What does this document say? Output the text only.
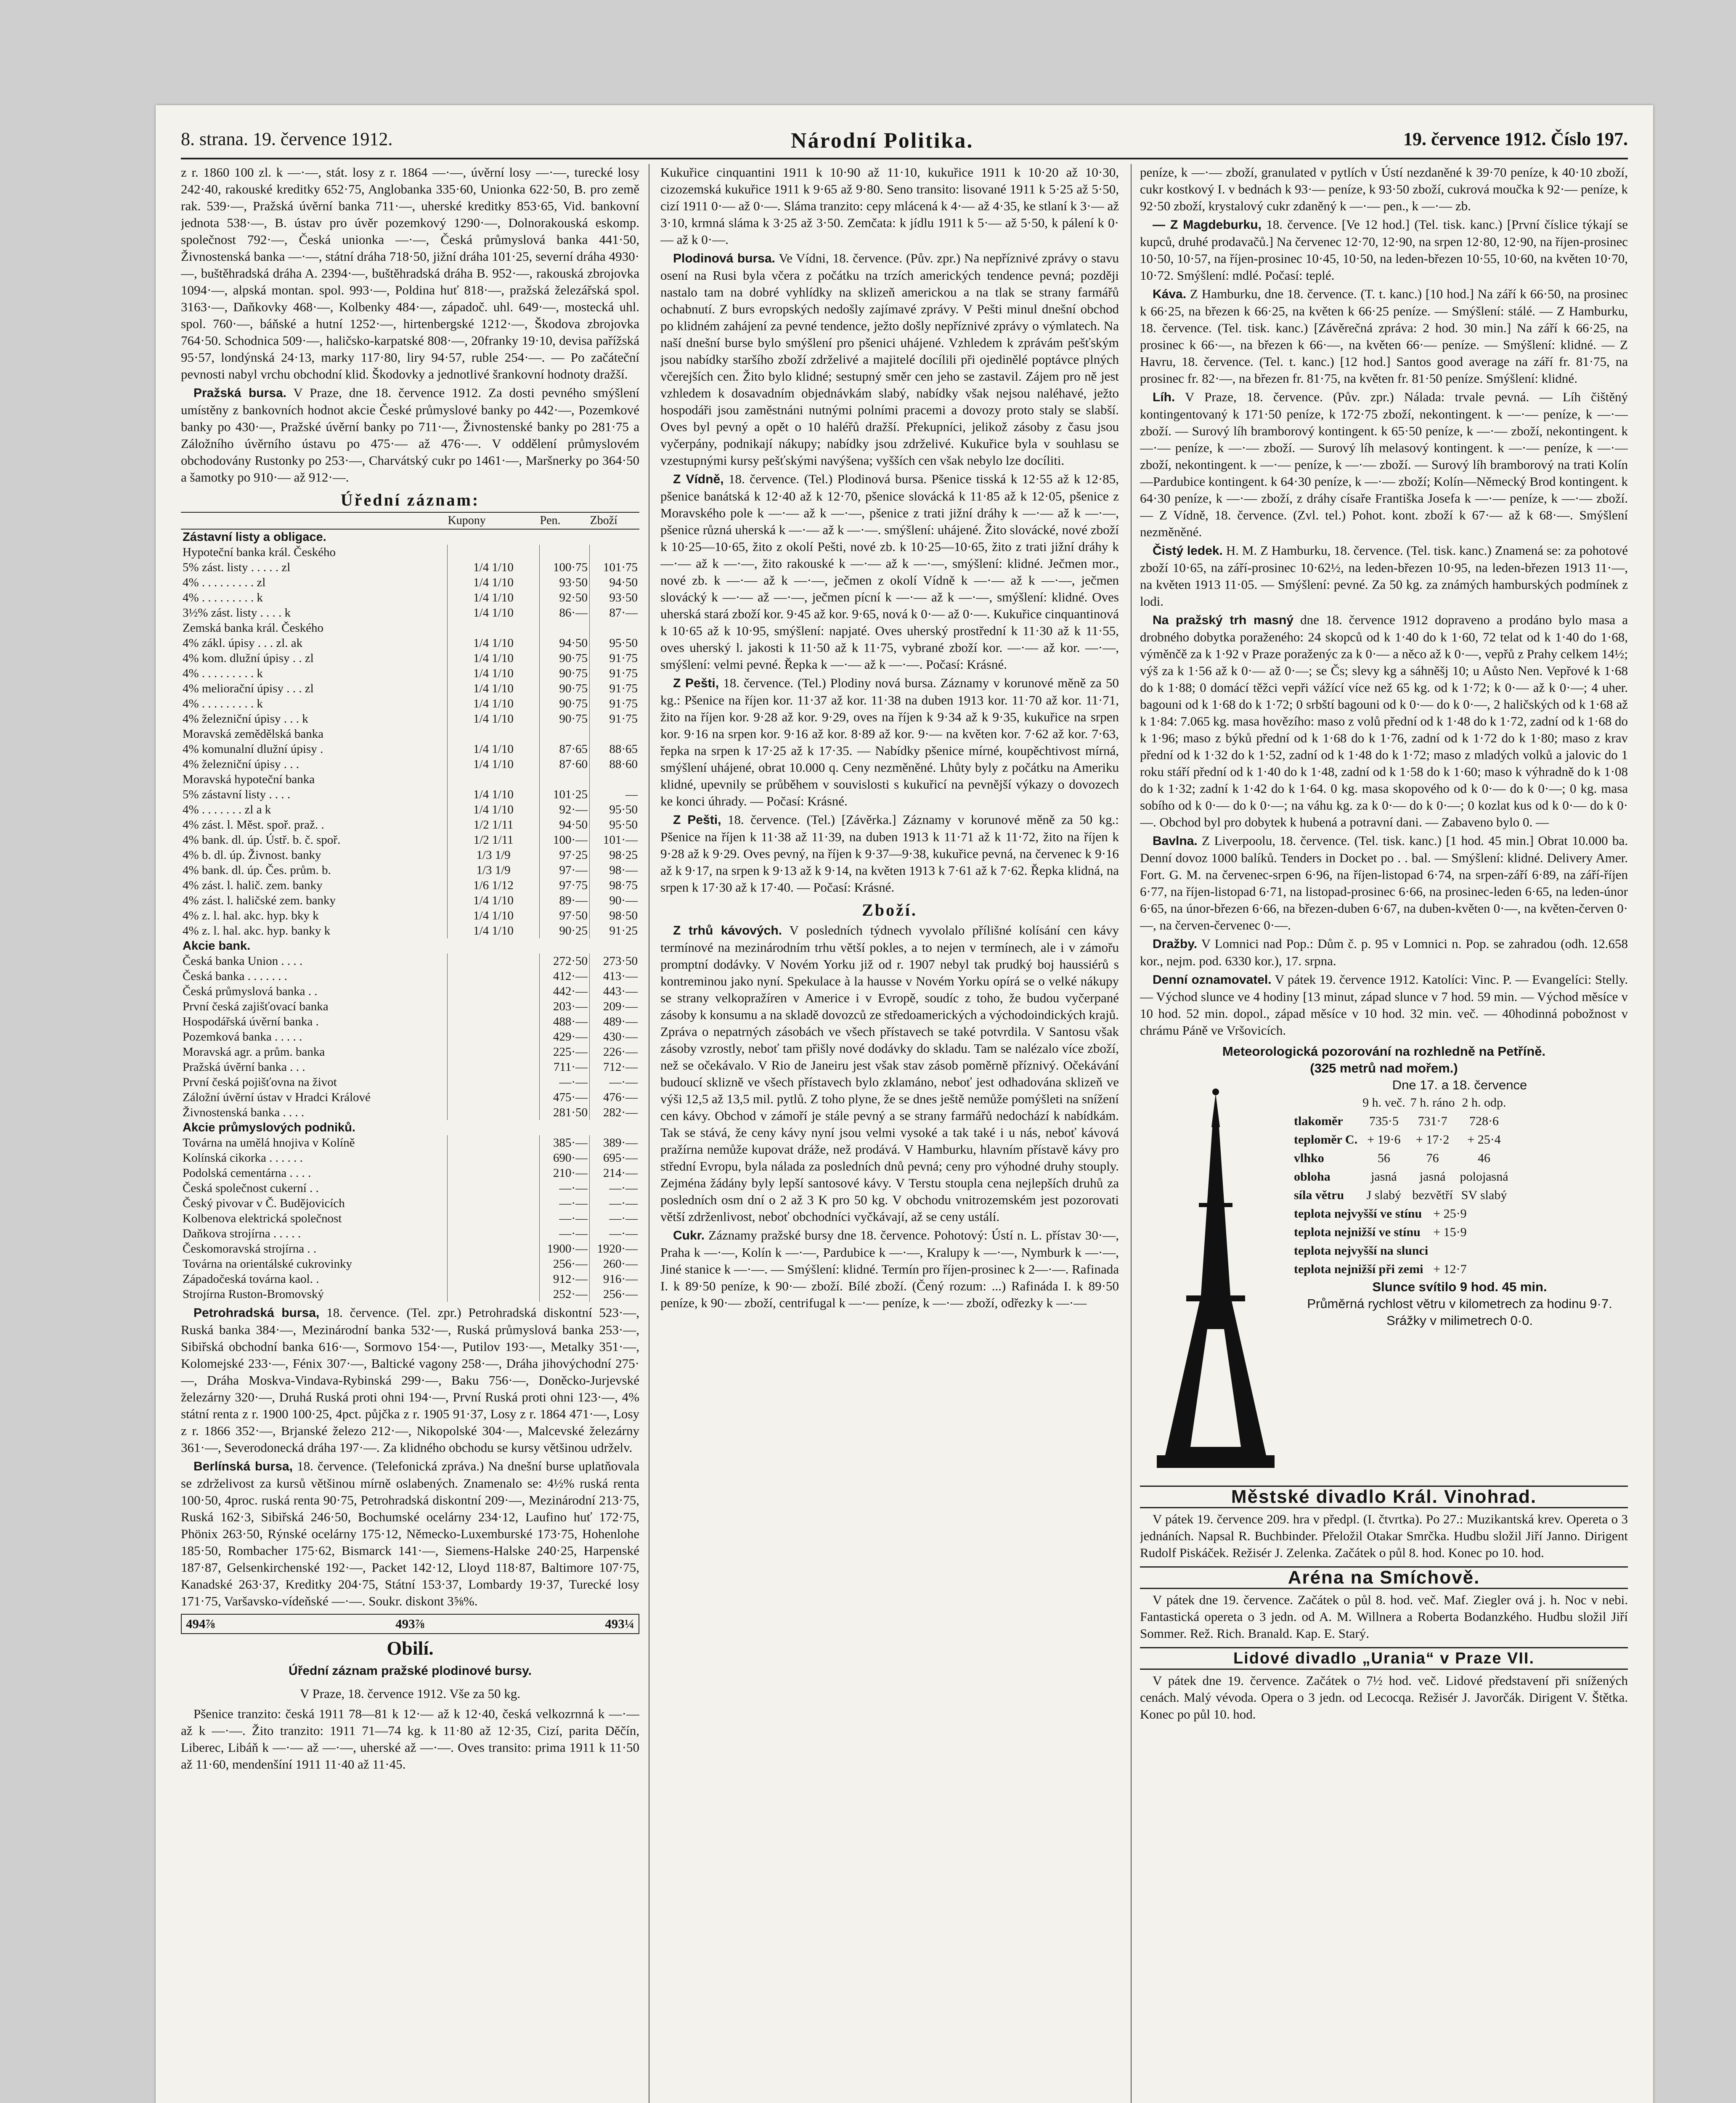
8. strana. 19. července 1912.	Národní Politika.	19. července 1912. Číslo 197.

z r. 1860 100 zl. k —·—, stát. losy z r. 1864 —·—, úvěrní losy —·—, turecké losy 242·40, rakouské kreditky 652·75, Anglobanka 335·60, Unionka 622·50, B. pro země rak. 539·—, Pražská úvěrní banka 711·—, uherské kreditky 853·65, Vid. bankovní jednota 538·—, B. ústav pro úvěr pozemkový 1290·—, Dolnorakouská eskomp. společnost 792·—, Česká unionka —·—, Česká průmyslová banka 441·50, Živnostenská banka —·—, státní dráha 718·50, jižní dráha 101·25, severní dráha 4930·—, buštěhradská dráha A. 2394·—, buštěhradská dráha B. 952·—, rakouská zbrojovka 1094·—, alpská montan. spol. 993·—, Poldina huť 818·—, pražská železářská spol. 3163·—, Daňkovky 468·—, Kolbenky 484·—, západoč. uhl. 649·—, mostecká uhl. spol. 760·—, báňské a hutní 1252·—, hirtenbergské 1212·—, Škodova zbrojovka 764·50. Schodnica 509·—, haličsko-karpatské 808·—, 20franky 19·10, devisa pařížská 95·57, londýnská 24·13, marky 117·80, liry 94·57, ruble 254·—. — Po začáteční pevnosti nabyl vrchu obchodní klid. Škodovky a jednotlivé šrankovní hodnoty dražší.

Pražská bursa. V Praze, dne 18. července 1912. Za dosti pevného smýšlení umístěny z bankovních hodnot akcie České průmyslové banky po 442·—, Pozemkové banky po 430·—, Pražské úvěrní banky po 711·—, Živnostenské banky po 281·75 a Záložního úvěrního ústavu po 475·— až 476·—. V oddělení průmyslovém obchodovány Rustonky po 253·—, Charvátský cukr po 1461·—, Maršnerky po 364·50 a šamotky po 910·— až 912·—.

Úřední záznam:

	Kupony	Pen.	Zboží
Zástavní listy a obligace.			
Hypoteční banka král. Českého			
5% zást. listy . . . . . zl	1/4 1/10	100·75	101·75
4% . . . . . . . . . zl	1/4 1/10	93·50	94·50
4% . . . . . . . . . k	1/4 1/10	92·50	93·50
3½% zást. listy . . . . k	1/4 1/10	86·—	87·—
Zemská banka král. Českého			
4% zákl. úpisy . . . zl. ak	1/4 1/10	94·50	95·50
4% kom. dlužní úpisy . . zl	1/4 1/10	90·75	91·75
4% . . . . . . . . . k	1/4 1/10	90·75	91·75
4% meliorační úpisy . . . zl	1/4 1/10	90·75	91·75
4% . . . . . . . . . k	1/4 1/10	90·75	91·75
4% železniční úpisy . . . k	1/4 1/10	90·75	91·75
Moravská zemědělská banka			
4% komunalní dlužní úpisy .	1/4 1/10	87·65	88·65
4% železniční úpisy . . .	1/4 1/10	87·60	88·60
Moravská hypoteční banka			
5% zástavní listy . . . .	1/4 1/10	101·25	—
4% . . . . . . . zl a k	1/4 1/10	92·—	95·50
4% zást. l. Měst. spoř. praž. .	1/2 1/11	94·50	95·50
4% bank. dl. úp. Ústř. b. č. spoř.	1/2 1/11	100·—	101·—
4% b. dl. úp. Živnost. banky	1/3 1/9	97·25	98·25
4% bank. dl. úp. Čes. prům. b.	1/3 1/9	97·—	98·—
4% zást. l. halič. zem. banky	1/6 1/12	97·75	98·75
4% zást. l. haličské zem. banky	1/4 1/10	89·—	90·—
4% z. l. hal. akc. hyp. bky k	1/4 1/10	97·50	98·50
4% z. l. hal. akc. hyp. banky k	1/4 1/10	90·25	91·25
Akcie bank.			
Česká banka Union . . . .		272·50	273·50
Česká banka . . . . . . .		412·—	413·—
Česká průmyslová banka . .		442·—	443·—
První česká zajišťovací banka		203·—	209·—
Hospodářská úvěrní banka .		488·—	489·—
Pozemková banka . . . . .		429·—	430·—
Moravská agr. a prům. banka		225·—	226·—
Pražská úvěrní banka . . .		711·—	712·—
První česká pojišťovna na život		—·—	—·—
Záložní úvěrní ústav v Hradci Králové		475·—	476·—
Živnostenská banka . . . .		281·50	282·—
Akcie průmyslových podniků.			
Továrna na umělá hnojiva v Kolíně		385·—	389·—
Kolínská cikorka . . . . . .		690·—	695·—
Podolská cementárna . . . .		210·—	214·—
Česká společnost cukerní . .		—·—	—·—
Český pivovar v Č. Budějovicích		—·—	—·—
Kolbenova elektrická společnost		—·—	—·—
Daňkova strojírna . . . . .		—·—	—·—
Českomoravská strojírna . .		1900·—	1920·—
Továrna na orientálské cukrovinky		256·—	260·—
Západočeská továrna kaol. .		912·—	916·—
Strojírna Ruston-Bromovský		252·—	256·—

Petrohradská bursa, 18. července. (Tel. zpr.) Petrohradská diskontní 523·—, Ruská banka 384·—, Mezinárodní banka 532·—, Ruská průmyslová banka 253·—, Sibiřská obchodní banka 616·—, Sormovo 154·—, Putilov 193·—, Metalky 351·—, Kolomejské 233·—, Fénix 307·—, Baltické vagony 258·—, Dráha jihovýchodní 275·—, Dráha Moskva-Vindava-Rybinská 299·—, Baku 756·—, Doněcko-Jurjevské železárny 320·—, Druhá Ruská proti ohni 194·—, První Ruská proti ohni 123·—, 4% státní renta z r. 1900 100·25, 4pct. půjčka z r. 1905 91·37, Losy z r. 1864 471·—, Losy z r. 1866 352·—, Brjanské železo 212·—, Nikopolské 304·—, Malcevské železárny 361·—, Severodonecká dráha 197·—. Za klidného obchodu se kursy většinou udrželv.

Berlínská bursa, 18. července. (Telefonická zpráva.) Na dnešní burse uplatňovala se zdrželivost za kursů většinou mírně oslabených. Znamenalo se: 4½% ruská renta 100·50, 4proc. ruská renta 90·75, Petrohradská diskontní 209·—, Mezinárodní 213·75, Ruská 162·3, Sibiřská 246·50, Bochumské ocelárny 234·12, Laufino huť 172·75, Phönix 263·50, Rýnské ocelárny 175·12, Německo-Luxemburské 173·75, Hohenlohe 185·50, Rombacher 175·62, Bismarck 141·—, Siemens-Halske 240·25, Harpenské 187·87, Gelsenkirchenské 192·—, Packet 142·12, Lloyd 118·87, Baltimore 107·75, Kanadské 263·37, Kreditky 204·75, Státní 153·37, Lombardy 19·37, Turecké losy 171·75, Varšavsko-vídeňské —·—. Soukr. diskont 3⅝%.

494⅞	493⅞	493¼

Obilí.

Úřední záznam pražské plodinové bursy.

V Praze, 18. července 1912. Vše za 50 kg.

Pšenice tranzito: česká 1911 78—81 k 12·— až k 12·40, česká velkozrnná k —·— až k —·—. Žito tranzito: 1911 71—74 kg. k 11·80 až 12·35, Cizí, parita Děčín, Liberec, Libáň k —·— až —·—, uherské až —·—. Oves transito: prima 1911 k 11·50 až 11·60, mendenšíní 1911 11·40 až 11·45.

Kukuřice cinquantini 1911 k 10·90 až 11·10, kukuřice 1911 k 10·20 až 10·30, cizozemská kukuřice 1911 k 9·65 až 9·80. Seno transito: lisované 1911 k 5·25 až 5·50, cizí 1911 0·— až 0·—. Sláma tranzito: cepy mlácená k 4·— až 4·35, ke stlaní k 3·— až 3·10, krmná sláma k 3·25 až 3·50. Zemčata: k jídlu 1911 k 5·— až 5·50, k pálení k 0·— až k 0·—.

Plodinová bursa. Ve Vídni, 18. července. (Pův. zpr.) Na nepříznivé zprávy o stavu osení na Rusi byla včera z počátku na trzích amerických tendence pevná; později nastalo tam na dobré vyhlídky na sklizeň americkou a na tlak se strany farmářů ochabnutí. Z burs evropských nedošly zajímavé zprávy. V Pešti minul dnešní obchod po klidném zahájení za pevné tendence, ježto došly nepříznivé zprávy o výmlatech. Na naší dnešní burse bylo smýšlení pro pšenici uhájené. Vzhledem k zprávám pešťským jsou nabídky staršího zboží zdrželivé a majitelé docílili při ojedinělé poptávce plných včerejších cen. Žito bylo klidné; sestupný směr cen jeho se zastavil. Zájem pro ně jest vzhledem k dosavadním objednávkám slabý, nabídky však nejsou naléhavé, ježto hospodáři jsou zaměstnáni nutnými polními pracemi a dovozy proto staly se slabší. Oves byl pevný a opět o 10 haléřů dražší. Překupníci, jelikož zásoby z času jsou vyčerpány, podnikají nákupy; nabídky jsou zdrželivé. Kukuřice byla v souhlasu se vzestupnými kursy pešťskými navýšena; vyšších cen však nebylo lze docíliti.

Z Vídně, 18. července. (Tel.) Plodinová bursa. Pšenice tisská k 12·55 až k 12·85, pšenice banátská k 12·40 až k 12·70, pšenice slovácká k 11·85 až k 12·05, pšenice z Moravského pole k —·— až k —·—, pšenice z trati jižní dráhy k —·— až k —·—, pšenice různá uherská k —·— až k —·—. smýšlení: uhájené. Žito slovácké, nové zboží k 10·25—10·65, žito z okolí Pešti, nové zb. k 10·25—10·65, žito z trati jižní dráhy k —·— až k —·—, žito rakouské k —·— až k —·—, smýšlení: klidné. Ječmen mor., nové zb. k —·— až k —·—, ječmen z okolí Vídně k —·— až k —·—, ječmen slovácký k —·— až —·—, ječmen pícní k —·— až k —·—, smýšlení: klidné. Oves uherská stará zboží kor. 9·45 až kor. 9·65, nová k 0·— až 0·—. Kukuřice cinquantinová k 10·65 až k 10·95, smýšlení: napjaté. Oves uherský prostřední k 11·30 až k 11·55, oves uherský l. jakosti k 11·50 až k 11·75, vybrané zboží kor. —·— až kor. —·—, smýšlení: velmi pevné. Řepka k —·— až k —·—. Počasí: Krásné.

Z Pešti, 18. července. (Tel.) Plodiny nová bursa. Záznamy v korunové měně za 50 kg.: Pšenice na říjen kor. 11·37 až kor. 11·38 na duben 1913 kor. 11·70 až kor. 11·71, žito na říjen kor. 9·28 až kor. 9·29, oves na říjen k 9·34 až k 9·35, kukuřice na srpen kor. 9·16 na srpen kor. 9·16 až kor. 8·89 až kor. 9·— na květen kor. 7·62 až kor. 7·63, řepka na srpen k 17·25 až k 17·35. — Nabídky pšenice mírné, koupěchtivost mírná, smýšlení uhájené, obrat 10.000 q. Ceny nezměněné. Lhůty byly z počátku na Ameriku klidné, upevnily se průběhem v souvislosti s kukuřicí na pevnější výkazy o dovozech ke konci úhrady. — Počasí: Krásné.

Z Pešti, 18. července. (Tel.) [Závěrka.] Záznamy v korunové měně za 50 kg.: Pšenice na říjen k 11·38 až 11·39, na duben 1913 k 11·71 až k 11·72, žito na říjen k 9·28 až k 9·29. Oves pevný, na říjen k 9·37—9·38, kukuřice pevná, na červenec k 9·16 až k 9·17, na srpen k 9·13 až k 9·14, na květen 1913 k 7·61 až k 7·62. Řepka klidná, na srpen k 17·30 až k 17·40. — Počasí: Krásné.

Zboží.

Z trhů kávových. V posledních týdnech vyvolalo přílišné kolísání cen kávy termínové na mezinárodním trhu větší pokles, a to nejen v termínech, ale i v zámořu promptní dodávky. V Novém Yorku již od r. 1907 nebyl tak prudký boj haussiérů s kontreminou jako nyní. Spekulace à la hausse v Novém Yorku opírá se o velké nákupy se strany velkopražíren v Americe i v Evropě, soudíc z toho, že budou vyčerpané zásoby k konsumu a na skladě dovozců ze středoamerických a východoindických krajů. Zpráva o nepatrných zásobách ve všech přístavech se také potvrdila. V Santosu však zásoby vzrostly, neboť tam přišly nové dodávky do skladu. Tam se nalézalo více zboží, než se očekávalo. V Rio de Janeiru jest však stav zásob poměrně příznivý. Očekávání budoucí sklizně ve všech přístavech bylo zklamáno, neboť jest odhadována sklizeň ve výši 12,5 až 13,5 mil. pytlů. Z toho plyne, že se dnes ještě nemůže pomýšleti na snížení cen kávy. Obchod v zámoří je stále pevný a se strany farmářů nedochází k nabídkám. Tak se stává, že ceny kávy nyní jsou velmi vysoké a tak také i u nás, neboť kávová pražírna nemůže kupovat dráže, než prodává. V Hamburku, hlavním přístavě kávy pro střední Evropu, byla nálada za posledních dnů pevná; ceny pro výhodné druhy stouply. Zejména žádány byly lepší santosové kávy. V Terstu stoupla cena nejlepších druhů za posledních osm dní o 2 až 3 K pro 50 kg. V obchodu vnitrozemském jest pozorovati větší zdrženlivost, neboť obchodníci vyčkávají, až se ceny ustálí.

Cukr. Záznamy pražské bursy dne 18. července. Pohotový: Ústí n. L. přístav 30·—, Praha k —·—, Kolín k —·—, Pardubice k —·—, Kralupy k —·—, Nymburk k —·—, Jiné stanice k —·—. — Smýšlení: klidné. Termín pro říjen-prosinec k 2—·—. Rafinada I. k 89·50 peníze, k 90·— zboží. Bílé zboží. (Čený rozum: ...) Rafináda I. k 89·50 peníze, k 90·— zboží, centrifugal k —·— peníze, k —·— zboží, odřezky k —·—

peníze, k —·— zboží, granulated v pytlích v Ústí nezdaněné k 39·70 peníze, k 40·10 zboží, cukr kostkový I. v bednách k 93·— peníze, k 93·50 zboží, cukrová moučka k 92·— peníze, k 92·50 zboží, krystalový cukr zdaněný k —·— pen., k —·— zb.

— Z Magdeburku, 18. července. [Ve 12 hod.] (Tel. tisk. kanc.) [První číslice týkají se kupců, druhé prodavačů.] Na červenec 12·70, 12·90, na srpen 12·80, 12·90, na říjen-prosinec 10·50, 10·57, na říjen-prosinec 10·45, 10·50, na leden-březen 10·55, 10·60, na květen 10·70, 10·72. Smýšlení: mdlé. Počasí: teplé.

Káva. Z Hamburku, dne 18. července. (T. t. kanc.) [10 hod.] Na září k 66·50, na prosinec k 66·25, na březen k 66·25, na květen k 66·25 peníze. — Smýšlení: stálé. — Z Hamburku, 18. července. (Tel. tisk. kanc.) [Závěrečná zpráva: 2 hod. 30 min.] Na září k 66·25, na prosinec k 66·—, na březen k 66·—, na květen 66·— peníze. — Smýšlení: klidné. — Z Havru, 18. července. (Tel. t. kanc.) [12 hod.] Santos good average na září fr. 81·75, na prosinec fr. 82·—, na březen fr. 81·75, na květen fr. 81·50 peníze. Smýšlení: klidné.

Líh. V Praze, 18. července. (Pův. zpr.) Nálada: trvale pevná. — Líh čištěný kontingentovaný k 171·50 peníze, k 172·75 zboží, nekontingent. k —·— peníze, k —·— zboží. — Surový líh bramborový kontingent. k 65·50 peníze, k —·— zboží, nekontingent. k —·— peníze, k —·— zboží. — Surový líh melasový kontingent. k —·— peníze, k —·— zboží, nekontingent. k —·— peníze, k —·— zboží. — Surový líh bramborový na trati Kolín—Pardubice kontingent. k 64·30 peníze, k —·— zboží; Kolín—Německý Brod kontingent. k 64·30 peníze, k —·— zboží, z dráhy císaře Františka Josefa k —·— peníze, k —·— zboží. — Z Vídně, 18. července. (Zvl. tel.) Pohot. kont. zboží k 67·— až k 68·—. Smýšlení nezměněné.

Čistý ledek. H. M. Z Hamburku, 18. července. (Tel. tisk. kanc.) Znamená se: za pohotové zboží 10·65, na září-prosinec 10·62½, na leden-březen 10·95, na leden-březen 1913 11·—, na květen 1913 11·05. — Smýšlení: pevné. Za 50 kg. za známých hamburských podmínek z lodi.

Na pražský trh masný dne 18. července 1912 dopraveno a prodáno bylo masa a drobného dobytka poraženého: 24 skopců od k 1·40 do k 1·60, 72 telat od k 1·40 do 1·68, výměnčě za k 1·92 v Praze poraženýc za k 0·— a něco až k 0·—, vepřů z Prahy celkem 14½; výš za k 1·56 až k 0·— až 0·—; se Čs; slevy kg a sáhněšj 10; u Aůsto Nen. Vepřové k 1·68 do k 1·88; 0 domácí těžci vepři vážící více než 65 kg. od k 1·72; k 0·— až k 0·—; 4 uher. bagouni od k 1·68 do k 1·72; 0 srbští bagouni od k 0·— do k 0·—, 2 haličských od k 1·68 až k 1·84: 7.065 kg. masa hovězího: maso z volů přední od k 1·48 do k 1·72, zadní od k 1·68 do k 1·96; maso z býků přední od k 1·68 do k 1·76, zadní od k 1·72 do k 1·80; maso z krav přední od k 1·32 do k 1·52, zadní od k 1·48 do k 1·72; maso z mladých volků a jalovic do 1 roku stáří přední od k 1·40 do k 1·48, zadní od k 1·58 do k 1·60; maso k výhradně do k 1·08 do k 1·32; zadní k 1·42 do k 1·64. 0 kg. masa skopového od k 0·— do k 0·—; 0 kg. masa sobího od k 0·— do k 0·—; na váhu kg. za k 0·— do k 0·—; 0 kozlat kus od k 0·— do k 0·—. Obchod byl pro dobytek k hubená a potravní dani. — Zabaveno bylo 0. —

Bavlna. Z Liverpoolu, 18. července. (Tel. tisk. kanc.) [1 hod. 45 min.] Obrat 10.000 ba. Denní dovoz 1000 balíků. Tenders in Docket po . . bal. — Smýšlení: klidné. Delivery Amer. Fort. G. M. na červenec-srpen 6·96, na říjen-listopad 6·74, na srpen-září 6·89, na září-říjen 6·77, na říjen-listopad 6·71, na listopad-prosinec 6·66, na prosinec-leden 6·65, na leden-únor 6·65, na únor-březen 6·66, na březen-duben 6·67, na duben-květen 0·—, na květen-červen 0·—, na červen-červenec 0·—.

Dražby. V Lomnici nad Pop.: Dům č. p. 95 v Lomnici n. Pop. se zahradou (odh. 12.658 kor., nejm. pod. 6330 kor.), 17. srpna.

Denní oznamovatel. V pátek 19. července 1912. Katolíci: Vinc. P. — Evangelíci: Stelly. — Východ slunce ve 4 hodiny [13 minut, západ slunce v 7 hod. 59 min. — Východ měsíce v 10 hod. 52 min. dopol., západ měsíce v 10 hod. 32 min. več. — 40hodinná pobožnost v chrámu Páně ve Vršovicích.

Meteorologická pozorování na rozhledně na Petříně.
(325 metrů nad mořem.)
Dne 17. a 18. července
	9 h. več.	7 h. ráno	2 h. odp.
tlakoměr	735·5	731·7	728·6
teploměr C.	+ 19·6	+ 17·2	+ 25·4
vlhko	56	76	46
obloha	jasná	jasná	polojasná
síla větru	J slabý	bezvětří	SV slabý
teplota nejvyšší ve stínu	+ 25·9
teplota nejnižší ve stínu	+ 15·9
teplota nejvyšší na slunci	
teplota nejnižší při zemi	+ 12·7
Slunce svítilo 9 hod. 45 min.
Průměrná rychlost větru v kilometrech za hodinu 9·7.
Srážky v milimetrech 0·0.
Městské divadlo Král. Vinohrad.

V pátek 19. července 209. hra v předpl. (I. čtvrtka). Po 27.: Muzikantská krev. Opereta o 3 jednáních. Napsal R. Buchbinder. Přeložil Otakar Smrčka. Hudbu složil Jiří Janno. Dirigent Rudolf Piskáček. Režisér J. Zelenka. Začátek o půl 8. hod. Konec po 10. hod.

Aréna na Smíchově.

V pátek dne 19. července. Začátek o půl 8. hod. več. Maf. Ziegler ová j. h. Noc v nebi. Fantastická opereta o 3 jedn. od A. M. Willnera a Roberta Bodanzkého. Hudbu složil Jiří Sommer. Rež. Rich. Branald. Kap. E. Starý.

Lidové divadlo „Urania“ v Praze VII.

V pátek dne 19. července. Začátek o 7½ hod. več. Lidové představení při snížených cenách. Malý vévoda. Opera o 3 jedn. od Lecocqa. Režisér J. Javorčák. Dirigent V. Štětka. Konec po půl 10. hod.
